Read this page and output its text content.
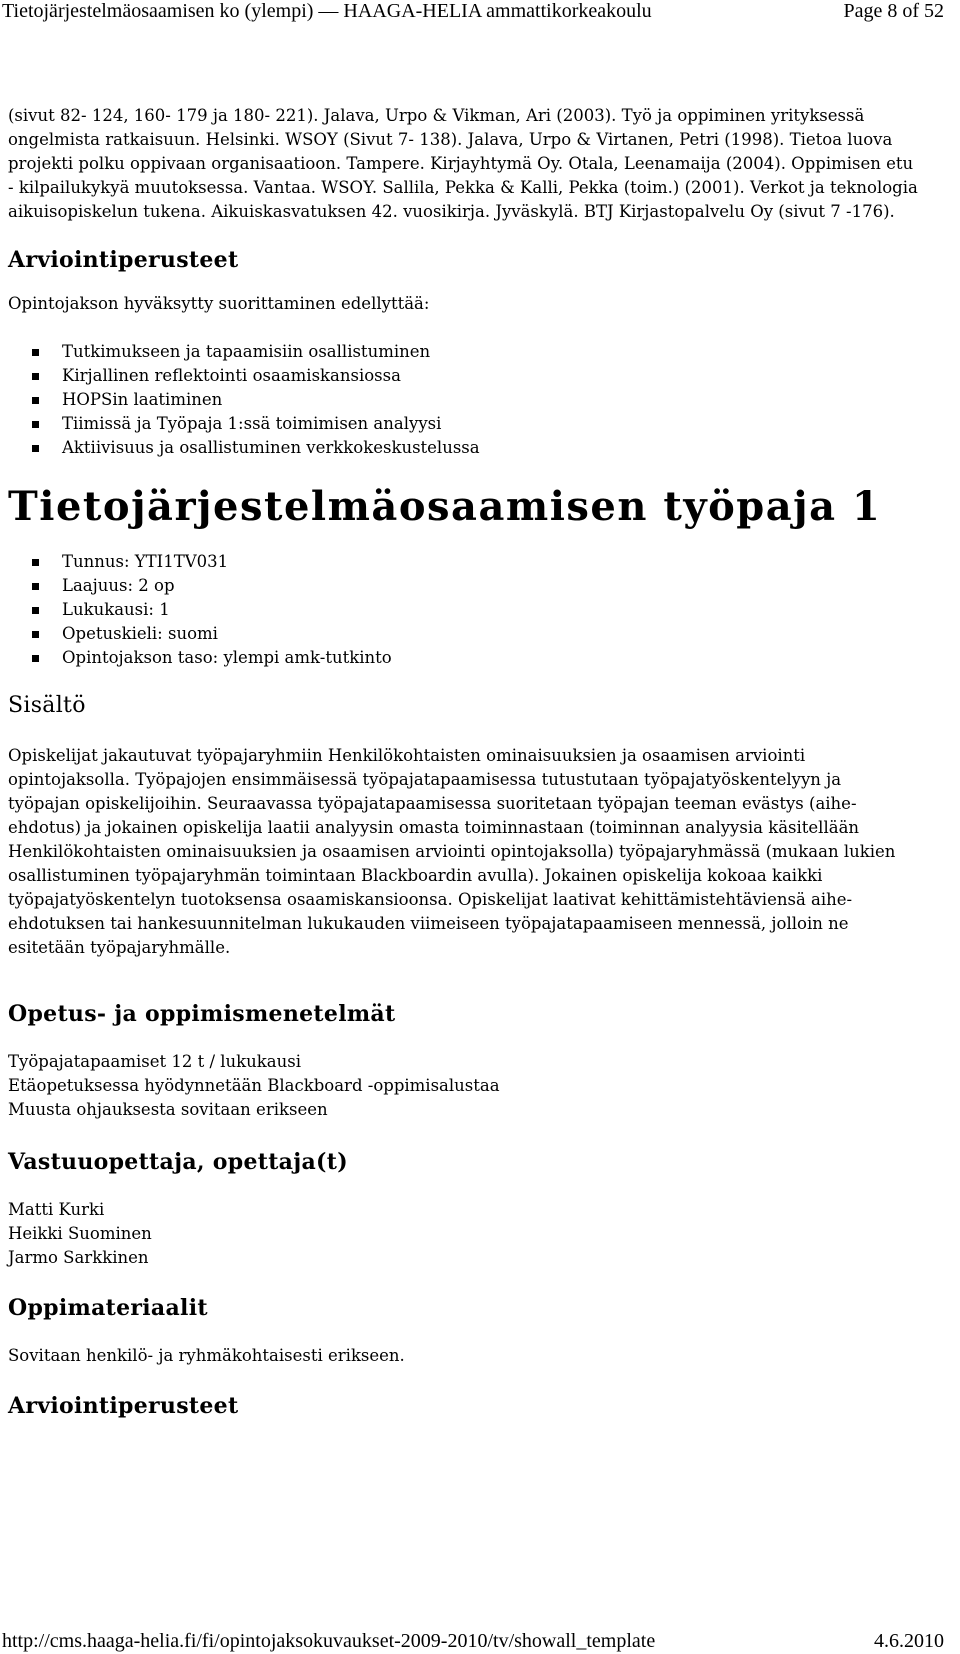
Tietojärjestelmäosaamisen ko (ylempi) — HAAGA-HELIA ammattikorkeakoulu	Page 8 of 52

(sivut 82- 124, 160- 179 ja 180- 221). Jalava, Urpo & Vikman, Ari (2003). Työ ja oppiminen yrityksessä ongelmista ratkaisuun. Helsinki. WSOY (Sivut 7- 138). Jalava, Urpo & Virtanen, Petri (1998). Tietoa luova projekti polku oppivaan organisaatioon. Tampere. Kirjayhtymä Oy. Otala, Leenamaija (2004). Oppimisen etu - kilpailukykyä muutoksessa. Vantaa. WSOY. Sallila, Pekka & Kalli, Pekka (toim.) (2001). Verkot ja teknologia aikuisopiskelun tukena. Aikuiskasvatuksen 42. vuosikirja. Jyväskylä. BTJ Kirjastopalvelu Oy (sivut 7 -176).

Arviointiperusteet

Opintojakson hyväksytty suorittaminen edellyttää:

Tutkimukseen ja tapaamisiin osallistuminen
Kirjallinen reflektointi osaamiskansiossa
HOPSin laatiminen
Tiimissä ja Työpaja 1:ssä toimimisen analyysi
Aktiivisuus ja osallistuminen verkkokeskustelussa
Tietojärjestelmäosaamisen työpaja 1
Tunnus: YTI1TV031
Laajuus: 2 op
Lukukausi: 1
Opetuskieli: suomi
Opintojakson taso: ylempi amk-tutkinto
Sisältö

Opiskelijat jakautuvat työpajaryhmiin Henkilökohtaisten ominaisuuksien ja osaamisen arviointi opintojaksolla. Työpajojen ensimmäisessä työpajatapaamisessa tutustutaan työpajatyöskentelyyn ja työpajan opiskelijoihin. Seuraavassa työpajatapaamisessa suoritetaan työpajan teeman evästys (aihe-ehdotus) ja jokainen opiskelija laatii analyysin omasta toiminnastaan (toiminnan analyysia käsitellään Henkilökohtaisten ominaisuuksien ja osaamisen arviointi opintojaksolla) työpajaryhmässä (mukaan lukien osallistuminen työpajaryhmän toimintaan Blackboardin avulla). Jokainen opiskelija kokoaa kaikki työpajatyöskentelyn tuotoksensa osaamiskansioonsa. Opiskelijat laativat kehittämistehtäviensä aihe-ehdotuksen tai hankesuunnitelman lukukauden viimeiseen työpajatapaamiseen mennessä, jolloin ne esitetään työpajaryhmälle.

Opetus- ja oppimismenetelmät

Työpajatapaamiset 12 t / lukukausi

Etäopetuksessa hyödynnetään Blackboard -oppimisalustaa

Muusta ohjauksesta sovitaan erikseen

Vastuuopettaja, opettaja(t)

Matti Kurki

Heikki Suominen

Jarmo Sarkkinen

Oppimateriaalit

Sovitaan henkilö- ja ryhmäkohtaisesti erikseen.

Arviointiperusteet
http://cms.haaga-helia.fi/fi/opintojaksokuvaukset-2009-2010/tv/showall_template	4.6.2010
